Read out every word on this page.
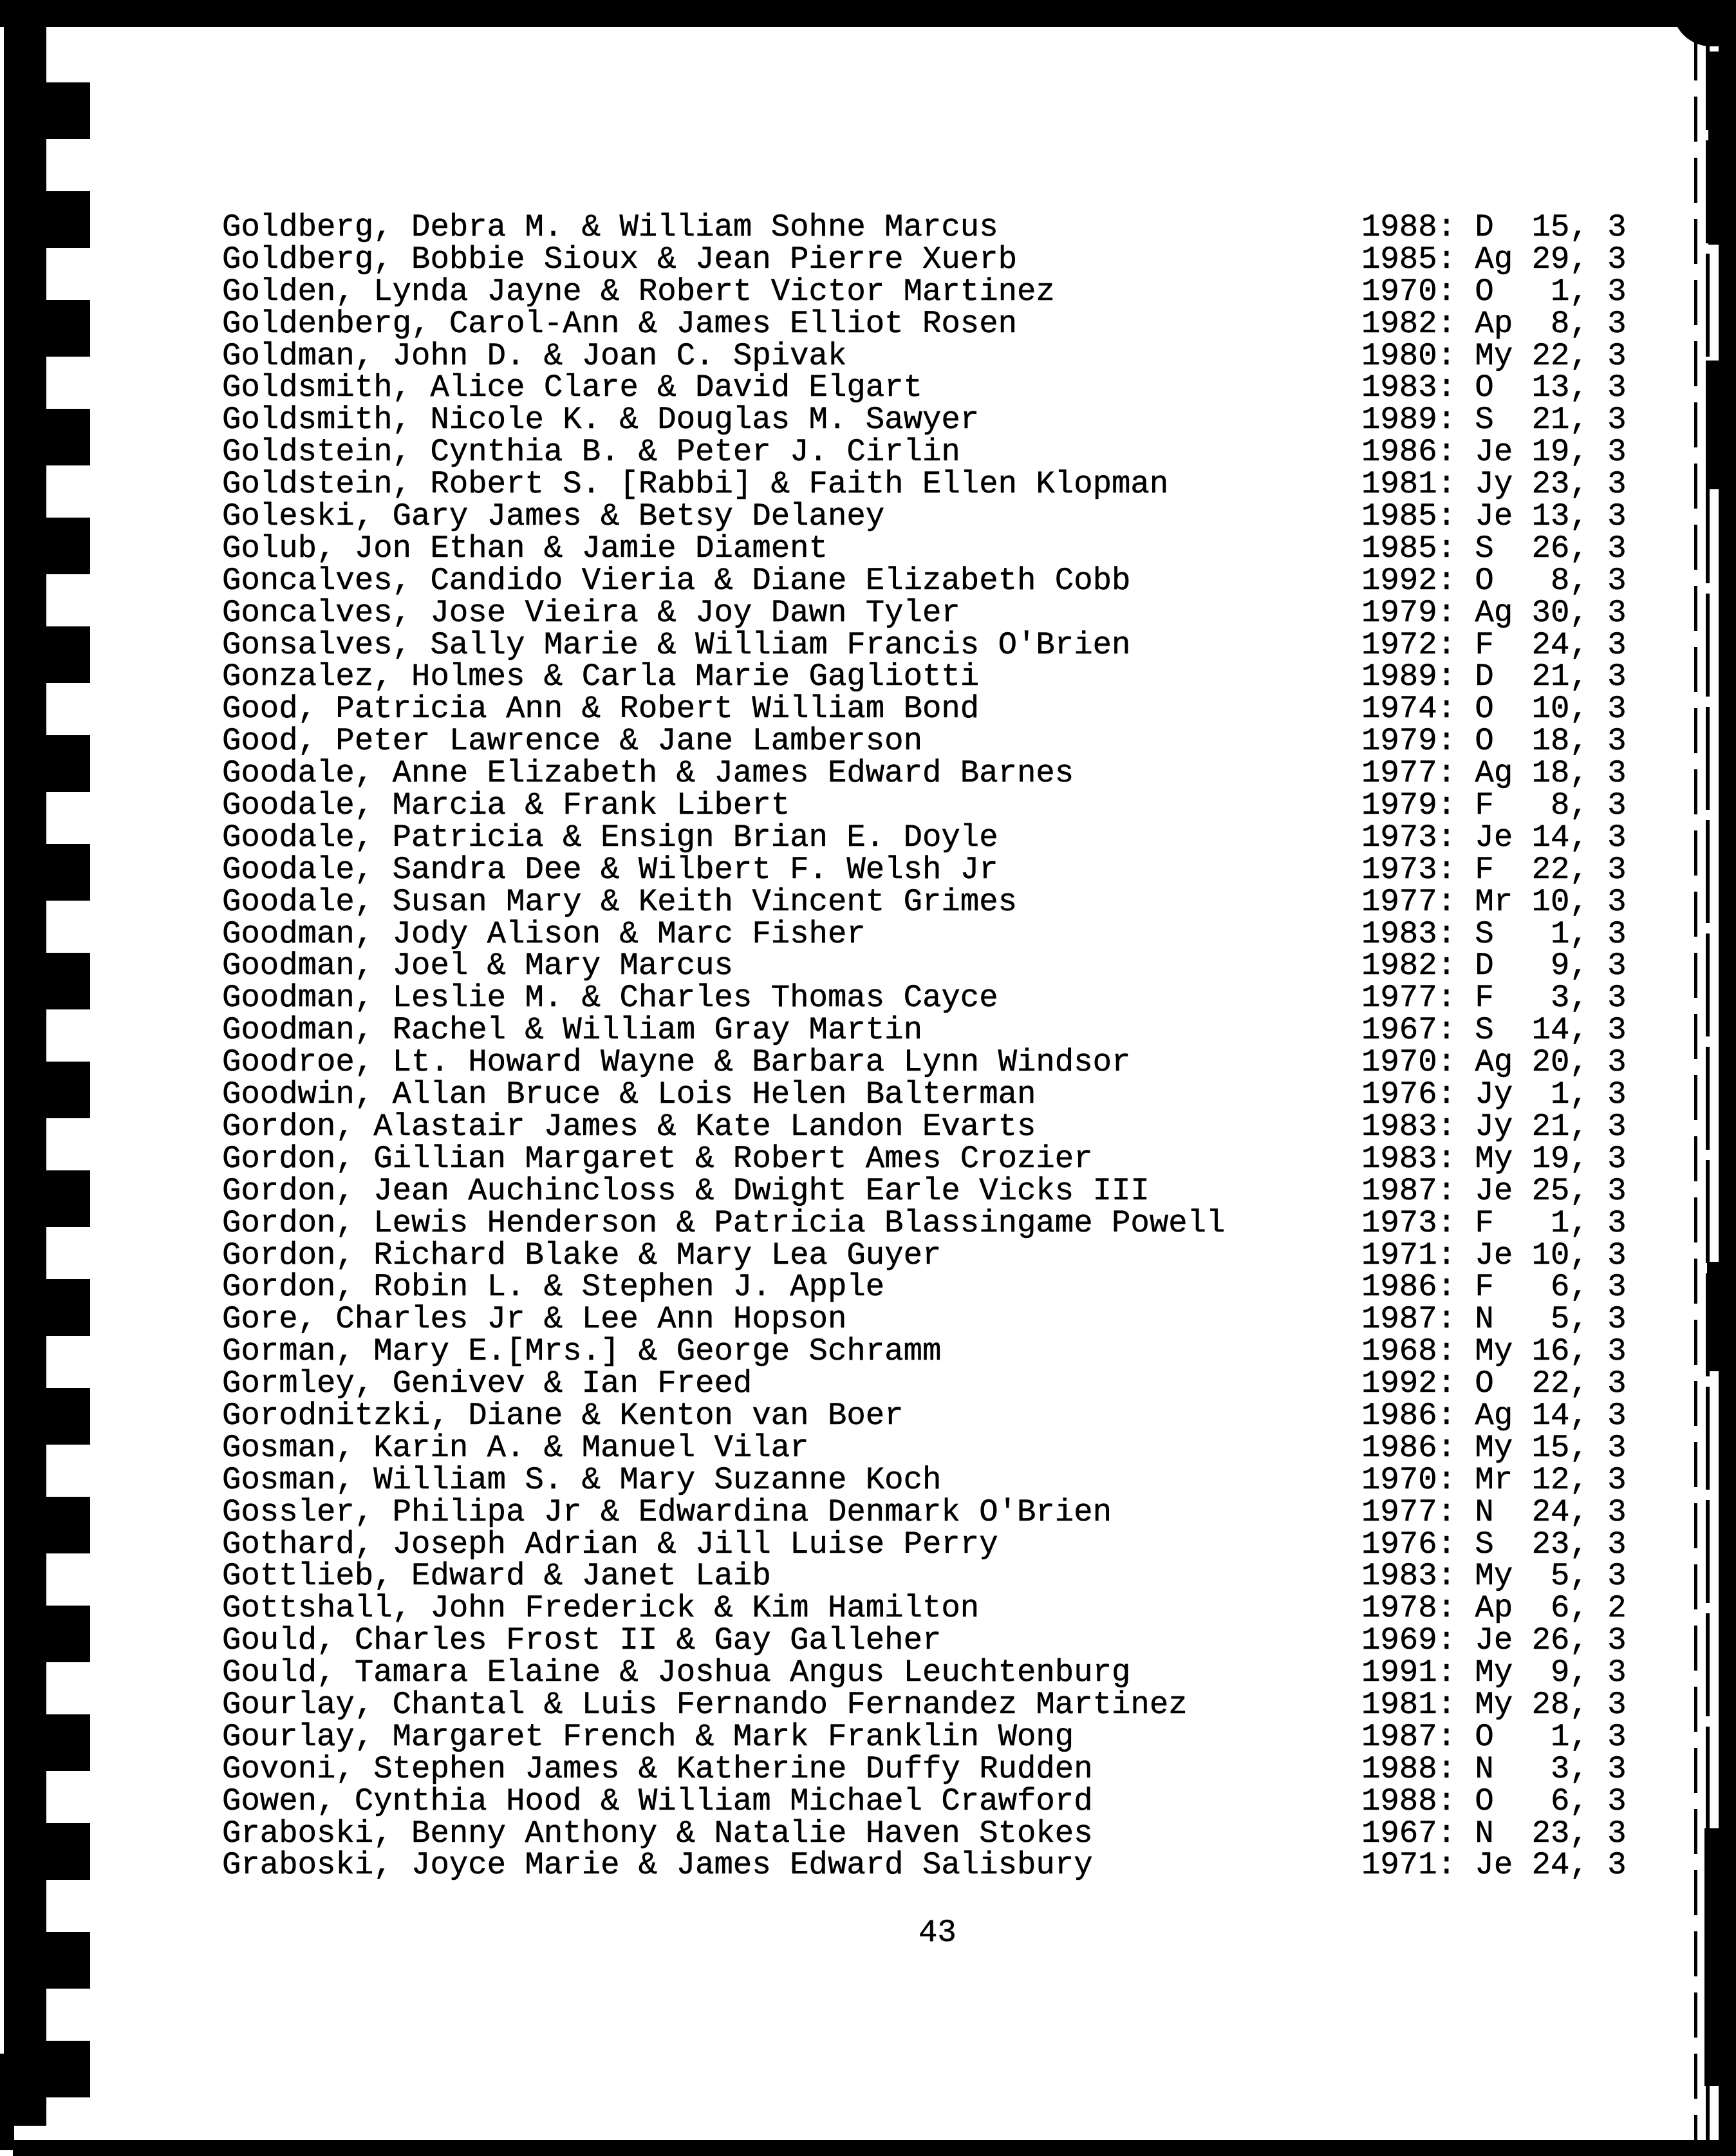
Goldberg, Debra M. & William Sohne Marcus	1988: D  15, 3
Goldberg, Bobbie Sioux & Jean Pierre Xuerb	1985: Ag 29, 3
Golden, Lynda Jayne & Robert Victor Martinez	1970: O   1, 3
Goldenberg, Carol-Ann & James Elliot Rosen	1982: Ap  8, 3
Goldman, John D. & Joan C. Spivak	1980: My 22, 3
Goldsmith, Alice Clare & David Elgart	1983: O  13, 3
Goldsmith, Nicole K. & Douglas M. Sawyer	1989: S  21, 3
Goldstein, Cynthia B. & Peter J. Cirlin	1986: Je 19, 3
Goldstein, Robert S. [Rabbi] & Faith Ellen Klopman	1981: Jy 23, 3
Goleski, Gary James & Betsy Delaney	1985: Je 13, 3
Golub, Jon Ethan & Jamie Diament	1985: S  26, 3
Goncalves, Candido Vieria & Diane Elizabeth Cobb	1992: O   8, 3
Goncalves, Jose Vieira & Joy Dawn Tyler	1979: Ag 30, 3
Gonsalves, Sally Marie & William Francis O'Brien	1972: F  24, 3
Gonzalez, Holmes & Carla Marie Gagliotti	1989: D  21, 3
Good, Patricia Ann & Robert William Bond	1974: O  10, 3
Good, Peter Lawrence & Jane Lamberson	1979: O  18, 3
Goodale, Anne Elizabeth & James Edward Barnes	1977: Ag 18, 3
Goodale, Marcia & Frank Libert	1979: F   8, 3
Goodale, Patricia & Ensign Brian E. Doyle	1973: Je 14, 3
Goodale, Sandra Dee & Wilbert F. Welsh Jr	1973: F  22, 3
Goodale, Susan Mary & Keith Vincent Grimes	1977: Mr 10, 3
Goodman, Jody Alison & Marc Fisher	1983: S   1, 3
Goodman, Joel & Mary Marcus	1982: D   9, 3
Goodman, Leslie M. & Charles Thomas Cayce	1977: F   3, 3
Goodman, Rachel & William Gray Martin	1967: S  14, 3
Goodroe, Lt. Howard Wayne & Barbara Lynn Windsor	1970: Ag 20, 3
Goodwin, Allan Bruce & Lois Helen Balterman	1976: Jy  1, 3
Gordon, Alastair James & Kate Landon Evarts	1983: Jy 21, 3
Gordon, Gillian Margaret & Robert Ames Crozier	1983: My 19, 3
Gordon, Jean Auchincloss & Dwight Earle Vicks III	1987: Je 25, 3
Gordon, Lewis Henderson & Patricia Blassingame Powell	1973: F   1, 3
Gordon, Richard Blake & Mary Lea Guyer	1971: Je 10, 3
Gordon, Robin L. & Stephen J. Apple	1986: F   6, 3
Gore, Charles Jr & Lee Ann Hopson	1987: N   5, 3
Gorman, Mary E.[Mrs.] & George Schramm	1968: My 16, 3
Gormley, Genivev & Ian Freed	1992: O  22, 3
Gorodnitzki, Diane & Kenton van Boer	1986: Ag 14, 3
Gosman, Karin A. & Manuel Vilar	1986: My 15, 3
Gosman, William S. & Mary Suzanne Koch	1970: Mr 12, 3
Gossler, Philipa Jr & Edwardina Denmark O'Brien	1977: N  24, 3
Gothard, Joseph Adrian & Jill Luise Perry	1976: S  23, 3
Gottlieb, Edward & Janet Laib	1983: My  5, 3
Gottshall, John Frederick & Kim Hamilton	1978: Ap  6, 2
Gould, Charles Frost II & Gay Galleher	1969: Je 26, 3
Gould, Tamara Elaine & Joshua Angus Leuchtenburg	1991: My  9, 3
Gourlay, Chantal & Luis Fernando Fernandez Martinez	1981: My 28, 3
Gourlay, Margaret French & Mark Franklin Wong	1987: O   1, 3
Govoni, Stephen James & Katherine Duffy Rudden	1988: N   3, 3
Gowen, Cynthia Hood & William Michael Crawford	1988: O   6, 3
Graboski, Benny Anthony & Natalie Haven Stokes	1967: N  23, 3
Graboski, Joyce Marie & James Edward Salisbury	1971: Je 24, 3
43
